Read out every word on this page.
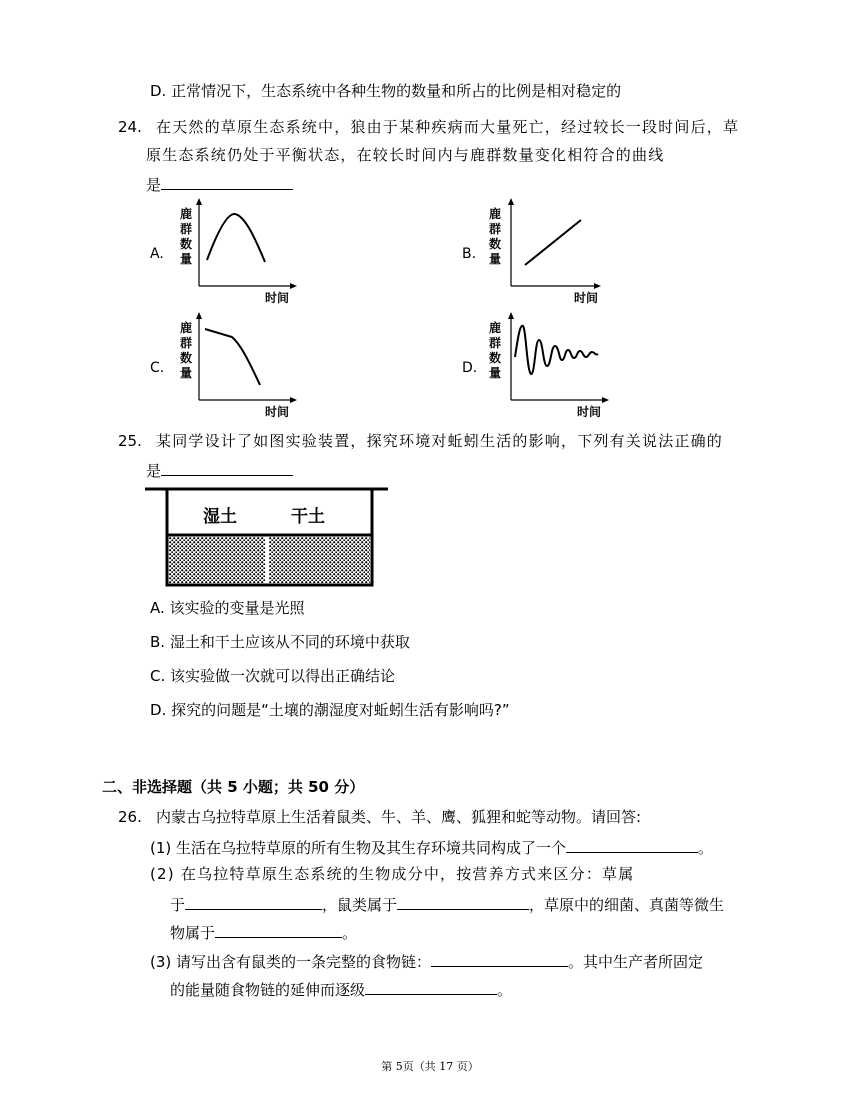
D. 正常情况下，生态系统中各种生物的数量和所占的比例是相对稳定的
24. 在天然的草原生态系统中，狼由于某种疾病而大量死亡，经过较长一段时间后，草
原生态系统仍处于平衡状态，在较长时间内与鹿群数量变化相符合的曲线
是
A.
鹿
群
数
量
时间
B.
鹿
群
数
量
时间
C.
鹿
群
数
量
时间
D.
鹿
群
数
量
时间
25. 某同学设计了如图实验装置，探究环境对蚯蚓生活的影响，下列有关说法正确的
是
湿土	干土
A. 该实验的变量是光照
B. 湿土和干土应该从不同的环境中获取
C. 该实验做一次就可以得出正确结论
D. 探究的问题是“土壤的潮湿度对蚯蚓生活有影响吗?”
二、非选择题（共 5 小题；共 50 分）
26. 内蒙古乌拉特草原上生活着鼠类、牛、羊、鹰、狐狸和蛇等动物。请回答:
(1) 生活在乌拉特草原的所有生物及其生存环境共同构成了一个	。
(2) 在乌拉特草原生态系统的生物成分中，按营养方式来区分：草属
于	，鼠类属于	，草原中的细菌、真菌等微生
物属于	。
(3) 请写出含有鼠类的一条完整的食物链：	。其中生产者所固定
的能量随食物链的延伸而逐级	。
第 5页（共 17 页）
